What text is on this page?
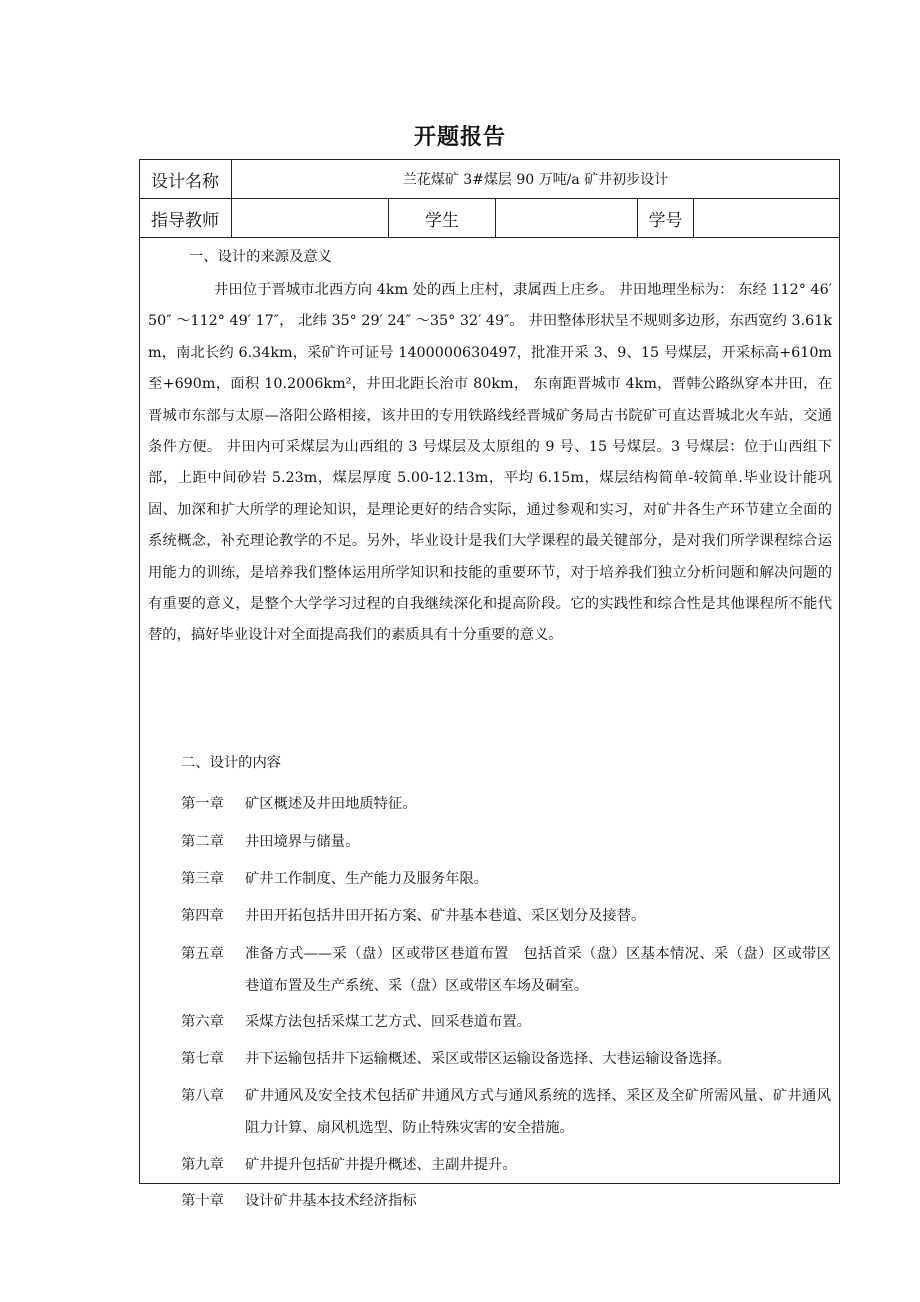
开题报告
设计名称	兰花煤矿 3#煤层 90 万吨/a 矿井初步设计
指导教师	学生	学号
一、设计的来源及意义
井田位于晋城市北西方向 4km 处的西上庄村，隶属西上庄乡。 井田地理坐标为： 东经 112° 46′ 50″ ～112° 49′ 17″， 北纬 35° 29′ 24″ ～35° 32′ 49″。 井田整体形状呈不规则多边形，东西宽约 3.61km，南北长约 6.34km，采矿许可证号 1400000630497，批准开采 3、9、15 号煤层，开采标高+610m 至+690m，面积 10.2006km²，井田北距长治市 80km， 东南距晋城市 4km，晋韩公路纵穿本井田，在晋城市东部与太原—洛阳公路相接，该井田的专用铁路线经晋城矿务局古书院矿可直达晋城北火车站，交通条件方便。 井田内可采煤层为山西组的 3 号煤层及太原组的 9 号、15 号煤层。3 号煤层：位于山西组下部，上距中间砂岩 5.23m，煤层厚度 5.00-12.13m，平均 6.15m，煤层结构简单-较简单.毕业设计能巩固、加深和扩大所学的理论知识，是理论更好的结合实际，通过参观和实习，对矿井各生产环节建立全面的系统概念，补充理论教学的不足。另外，毕业设计是我们大学课程的最关键部分，是对我们所学课程综合运用能力的训练，是培养我们整体运用所学知识和技能的重要环节，对于培养我们独立分析问题和解决问题的有重要的意义，是整个大学学习过程的自我继续深化和提高阶段。它的实践性和综合性是其他课程所不能代替的，搞好毕业设计对全面提高我们的素质具有十分重要的意义。
二、设计的内容
第一章	矿区概述及井田地质特征。
第二章	井田境界与储量。
第三章	矿井工作制度、生产能力及服务年限。
第四章	井田开拓包括井田开拓方案、矿井基本巷道、采区划分及接替。
第五章	准备方式——采（盘）区或带区巷道布置　包括首采（盘）区基本情况、采（盘）区或带区巷道布置及生产系统、采（盘）区或带区车场及硐室。
第六章	采煤方法包括采煤工艺方式、回采巷道布置。
第七章	井下运输包括井下运输概述、采区或带区运输设备选择、大巷运输设备选择。
第八章	矿井通风及安全技术包括矿井通风方式与通风系统的选择、采区及全矿所需风量、矿井通风阻力计算、扇风机选型、防止特殊灾害的安全措施。
第九章	矿井提升包括矿井提升概述、主副井提升。
第十章	设计矿井基本技术经济指标
